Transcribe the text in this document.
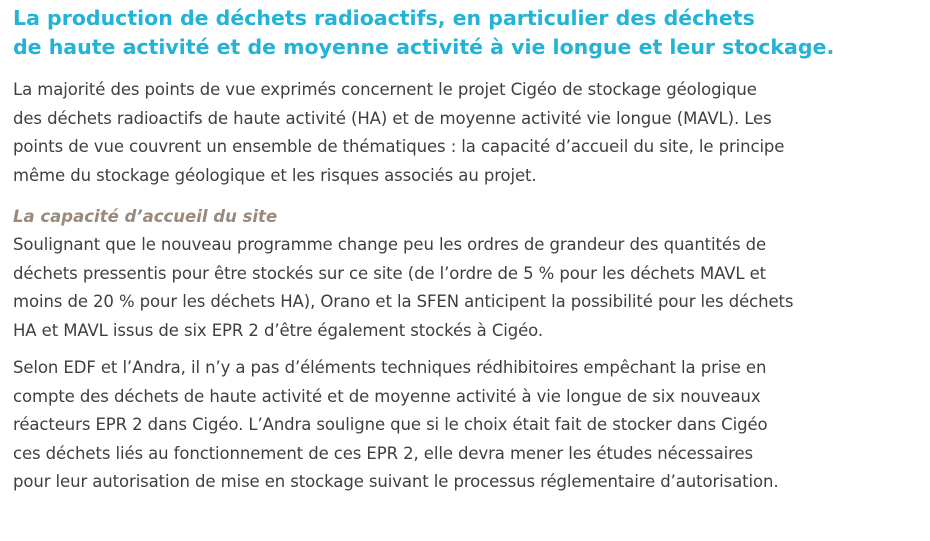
La production de déchets radioactifs, en particulier des déchets
de haute activité et de moyenne activité à vie longue et leur stockage.

La majorité des points de vue exprimés concernent le projet Cigéo de stockage géologique
des déchets radioactifs de haute activité (HA) et de moyenne activité vie longue (MAVL). Les
points de vue couvrent un ensemble de thématiques : la capacité d’accueil du site, le principe
même du stockage géologique et les risques associés au projet.

La capacité d’accueil du site

Soulignant que le nouveau programme change peu les ordres de grandeur des quantités de
déchets pressentis pour être stockés sur ce site (de l’ordre de 5 % pour les déchets MAVL et
moins de 20 % pour les déchets HA), Orano et la SFEN anticipent la possibilité pour les déchets
HA et MAVL issus de six EPR 2 d’être également stockés à Cigéo.

Selon EDF et l’Andra, il n’y a pas d’éléments techniques rédhibitoires empêchant la prise en
compte des déchets de haute activité et de moyenne activité à vie longue de six nouveaux
réacteurs EPR 2 dans Cigéo. L’Andra souligne que si le choix était fait de stocker dans Cigéo
ces déchets liés au fonctionnement de ces EPR 2, elle devra mener les études nécessaires
pour leur autorisation de mise en stockage suivant le processus réglementaire d’autorisation.
